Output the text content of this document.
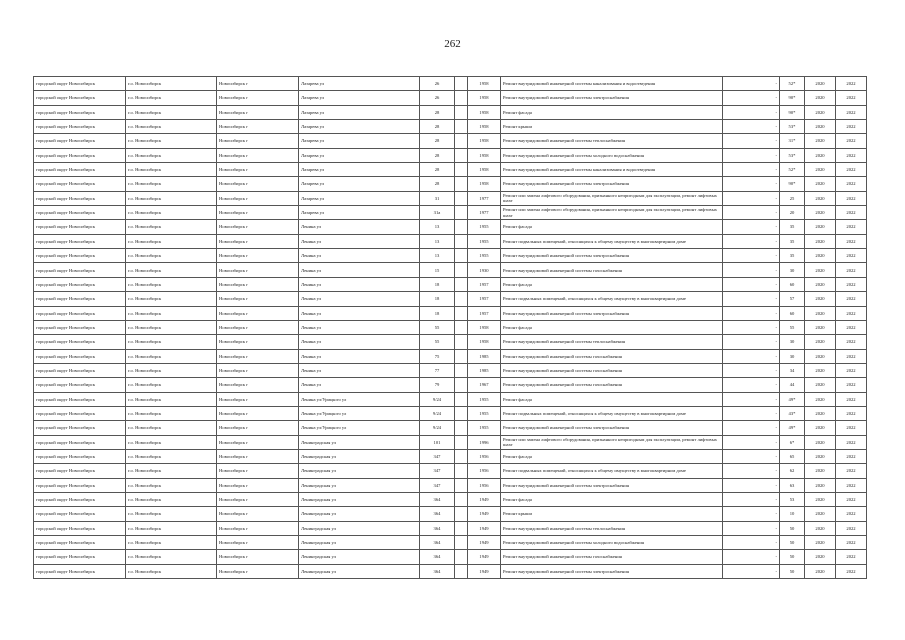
262
городской округ Новосибирск	г.о. Новосибирск	Новосибирск г	Лазарева ул	26		1958	Ремонт внутридомовой инженерной системы канализования и водоотведения	-	52*	2020	2022
городской округ Новосибирск	г.о. Новосибирск	Новосибирск г	Лазарева ул	26		1958	Ремонт внутридомовой инженерной системы электроснабжения	-	90*	2020	2022
городской округ Новосибирск	г.о. Новосибирск	Новосибирск г	Лазарева ул	28		1958	Ремонт фасада	-	90*	2020	2022
городской округ Новосибирск	г.о. Новосибирск	Новосибирск г	Лазарева ул	28		1958	Ремонт крыши	-	53*	2020	2022
городской округ Новосибирск	г.о. Новосибирск	Новосибирск г	Лазарева ул	28		1958	Ремонт внутридомовой инженерной системы теплоснабжения	-	31*	2020	2022
городской округ Новосибирск	г.о. Новосибирск	Новосибирск г	Лазарева ул	28		1958	Ремонт внутридомовой инженерной системы холодного водоснабжения	-	53*	2020	2022
городской округ Новосибирск	г.о. Новосибирск	Новосибирск г	Лазарева ул	28		1958	Ремонт внутридомовой инженерной системы канализования и водоотведения	-	52*	2020	2022
городской округ Новосибирск	г.о. Новосибирск	Новосибирск г	Лазарева ул	28		1958	Ремонт внутридомовой инженерной системы электроснабжения	-	90*	2020	2022
городской округ Новосибирск	г.о. Новосибирск	Новосибирск г	Лазарева ул	31		1977	Ремонт или замена лифтового оборудования, признанного непригодным для эксплуатации, ремонт лифтовых шахт	-	25	2020	2022
городской округ Новосибирск	г.о. Новосибирск	Новосибирск г	Лазарева ул	31а		1977	Ремонт или замена лифтового оборудования, признанного непригодным для эксплуатации, ремонт лифтовых шахт	-	20	2020	2022
городской округ Новосибирск	г.о. Новосибирск	Новосибирск г	Ленина ул	13		1955	Ремонт фасада	-	35	2020	2022
городской округ Новосибирск	г.о. Новосибирск	Новосибирск г	Ленина ул	13		1955	Ремонт подвальных помещений, относящихся к общему имуществу в многоквартирном доме	-	35	2020	2022
городской округ Новосибирск	г.о. Новосибирск	Новосибирск г	Ленина ул	13		1955	Ремонт внутридомовой инженерной системы электроснабжения	-	35	2020	2022
городской округ Новосибирск	г.о. Новосибирск	Новосибирск г	Ленина ул	15		1930	Ремонт внутридомовой инженерной системы газоснабжения	-	30	2020	2022
городской округ Новосибирск	г.о. Новосибирск	Новосибирск г	Ленина ул	18		1957	Ремонт фасада	-	60	2020	2022
городской округ Новосибирск	г.о. Новосибирск	Новосибирск г	Ленина ул	18		1957	Ремонт подвальных помещений, относящихся к общему имуществу в многоквартирном доме	-	57	2020	2022
городской округ Новосибирск	г.о. Новосибирск	Новосибирск г	Ленина ул	18		1957	Ремонт внутридомовой инженерной системы электроснабжения	-	60	2020	2022
городской округ Новосибирск	г.о. Новосибирск	Новосибирск г	Ленина ул	55		1958	Ремонт фасада	-	55	2020	2022
городской округ Новосибирск	г.о. Новосибирск	Новосибирск г	Ленина ул	55		1958	Ремонт внутридомовой инженерной системы теплоснабжения	-	30	2020	2022
городской округ Новосибирск	г.о. Новосибирск	Новосибирск г	Ленина ул	75		1985	Ремонт внутридомовой инженерной системы газоснабжения	-	30	2020	2022
городской округ Новосибирск	г.о. Новосибирск	Новосибирск г	Ленина ул	77		1985	Ремонт внутридомовой инженерной системы газоснабжения	-	34	2020	2022
городской округ Новосибирск	г.о. Новосибирск	Новосибирск г	Ленина ул	79		1967	Ремонт внутридомовой инженерной системы газоснабжения	-	44	2020	2022
городской округ Новосибирск	г.о. Новосибирск	Новосибирск г	Ленина ул/Урицкого ул	9/24		1955	Ремонт фасада	-	49*	2020	2022
городской округ Новосибирск	г.о. Новосибирск	Новосибирск г	Ленина ул/Урицкого ул	9/24		1955	Ремонт подвальных помещений, относящихся к общему имуществу в многоквартирном доме	-	43*	2020	2022
городской округ Новосибирск	г.о. Новосибирск	Новосибирск г	Ленина ул/Урицкого ул	9/24		1955	Ремонт внутридомовой инженерной системы электроснабжения	-	49*	2020	2022
городской округ Новосибирск	г.о. Новосибирск	Новосибирск г	Ленинградская ул	101		1996	Ремонт или замена лифтового оборудования, признанного непригодным для эксплуатации, ремонт лифтовых шахт	-	6*	2020	2022
городской округ Новосибирск	г.о. Новосибирск	Новосибирск г	Ленинградская ул	347		1956	Ремонт фасада	-	65	2020	2022
городской округ Новосибирск	г.о. Новосибирск	Новосибирск г	Ленинградская ул	347		1956	Ремонт подвальных помещений, относящихся к общему имуществу в многоквартирном доме	-	62	2020	2022
городской округ Новосибирск	г.о. Новосибирск	Новосибирск г	Ленинградская ул	347		1956	Ремонт внутридомовой инженерной системы электроснабжения	-	63	2020	2022
городской округ Новосибирск	г.о. Новосибирск	Новосибирск г	Ленинградская ул	364		1949	Ремонт фасада	-	53	2020	2022
городской округ Новосибирск	г.о. Новосибирск	Новосибирск г	Ленинградская ул	364		1949	Ремонт крыши	-	10	2020	2022
городской округ Новосибирск	г.о. Новосибирск	Новосибирск г	Ленинградская ул	364		1949	Ремонт внутридомовой инженерной системы теплоснабжения	-	50	2020	2022
городской округ Новосибирск	г.о. Новосибирск	Новосибирск г	Ленинградская ул	364		1949	Ремонт внутридомовой инженерной системы холодного водоснабжения	-	50	2020	2022
городской округ Новосибирск	г.о. Новосибирск	Новосибирск г	Ленинградская ул	364		1949	Ремонт внутридомовой инженерной системы газоснабжения	-	50	2020	2022
городской округ Новосибирск	г.о. Новосибирск	Новосибирск г	Ленинградская ул	364		1949	Ремонт внутридомовой инженерной системы электроснабжения	-	50	2020	2022
